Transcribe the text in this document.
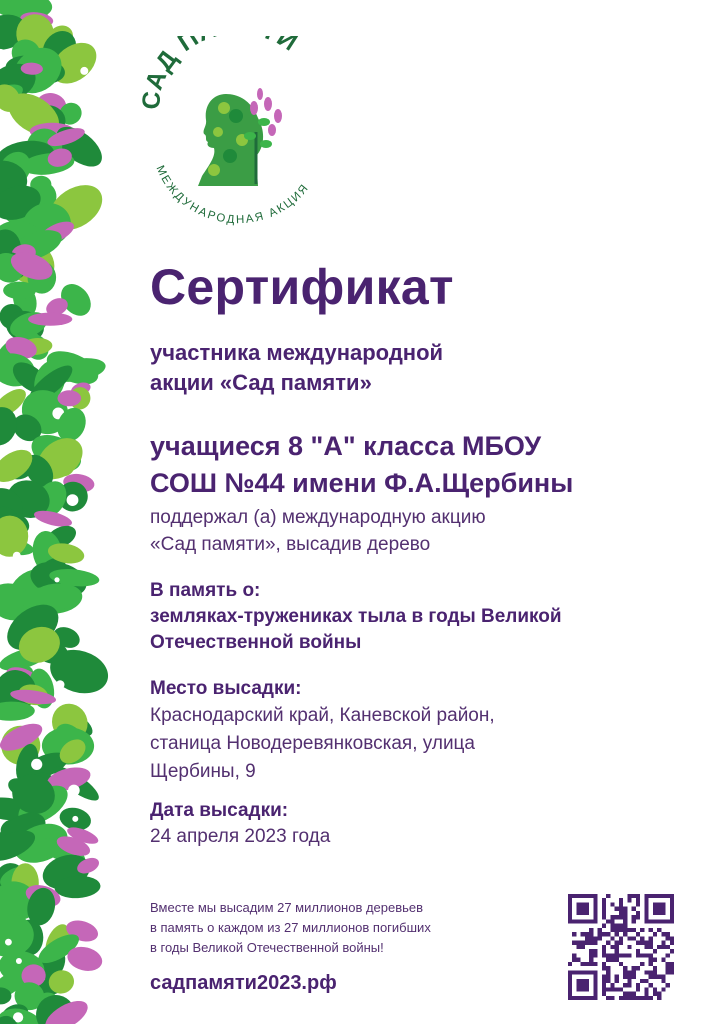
САД П И
МЕЖДУНАРОДНАЯ АКЦИЯ
Сертификат
участника международной
акции «Сад памяти»
учащиеся 8 "А" класса МБОУ
СОШ №44 имени Ф.А.Щербины
поддержал (а) международную акцию
«Сад памяти», высадив дерево
В память о:
земляках-тружениках тыла в годы Великой
Отечественной войны
Место высадки:
Краснодарский край, Каневской район,
станица Новодеревянковская, улица
Щербины, 9
Дата высадки:
24 апреля 2023 года
Вместе мы высадим 27 миллионов деревьев
в память о каждом из 27 миллионов погибших
в годы Великой Отечественной войны!
садпамяти2023.рф
